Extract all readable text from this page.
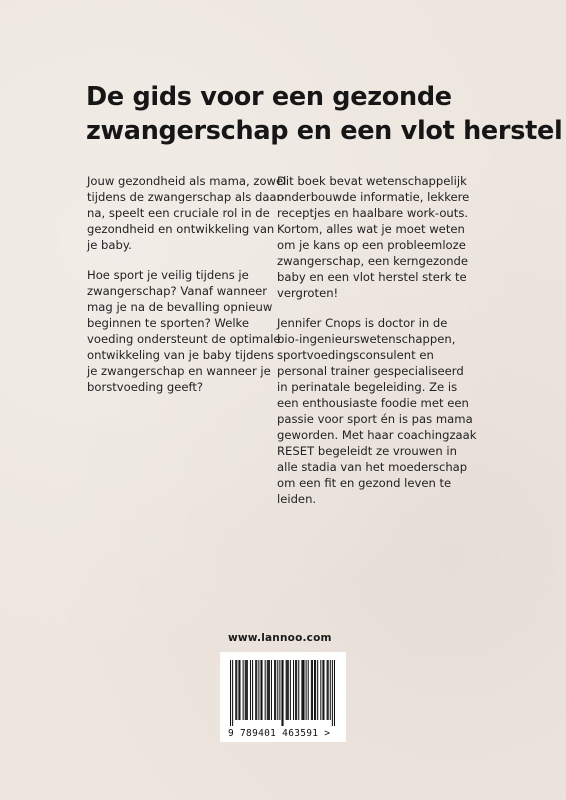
De gids voor een gezonde
zwangerschap en een vlot herstel
Jouw gezondheid als mama, zowel
tijdens de zwangerschap als daar-
na, speelt een cruciale rol in de
gezondheid en ontwikkeling van
je baby.
Hoe sport je veilig tijdens je
zwangerschap? Vanaf wanneer
mag je na de bevalling opnieuw
beginnen te sporten? Welke
voeding ondersteunt de optimale
ontwikkeling van je baby tijdens
je zwangerschap en wanneer je
borstvoeding geeft?
Dit boek bevat wetenschappelijk
onderbouwde informatie, lekkere
receptjes en haalbare work-outs.
Kortom, alles wat je moet weten
om je kans op een probleemloze
zwangerschap, een kerngezonde
baby en een vlot herstel sterk te
vergroten!
Jennifer Cnops is doctor in de
bio-ingenieurswetenschappen,
sportvoedingsconsulent en
personal trainer gespecialiseerd
in perinatale begeleiding. Ze is
een enthousiaste foodie met een
passie voor sport én is pas mama
geworden. Met haar coachingzaak
RESET begeleidt ze vrouwen in
alle stadia van het moederschap
om een fit en gezond leven te
leiden.
www.lannoo.com
9 789401 463591 >
